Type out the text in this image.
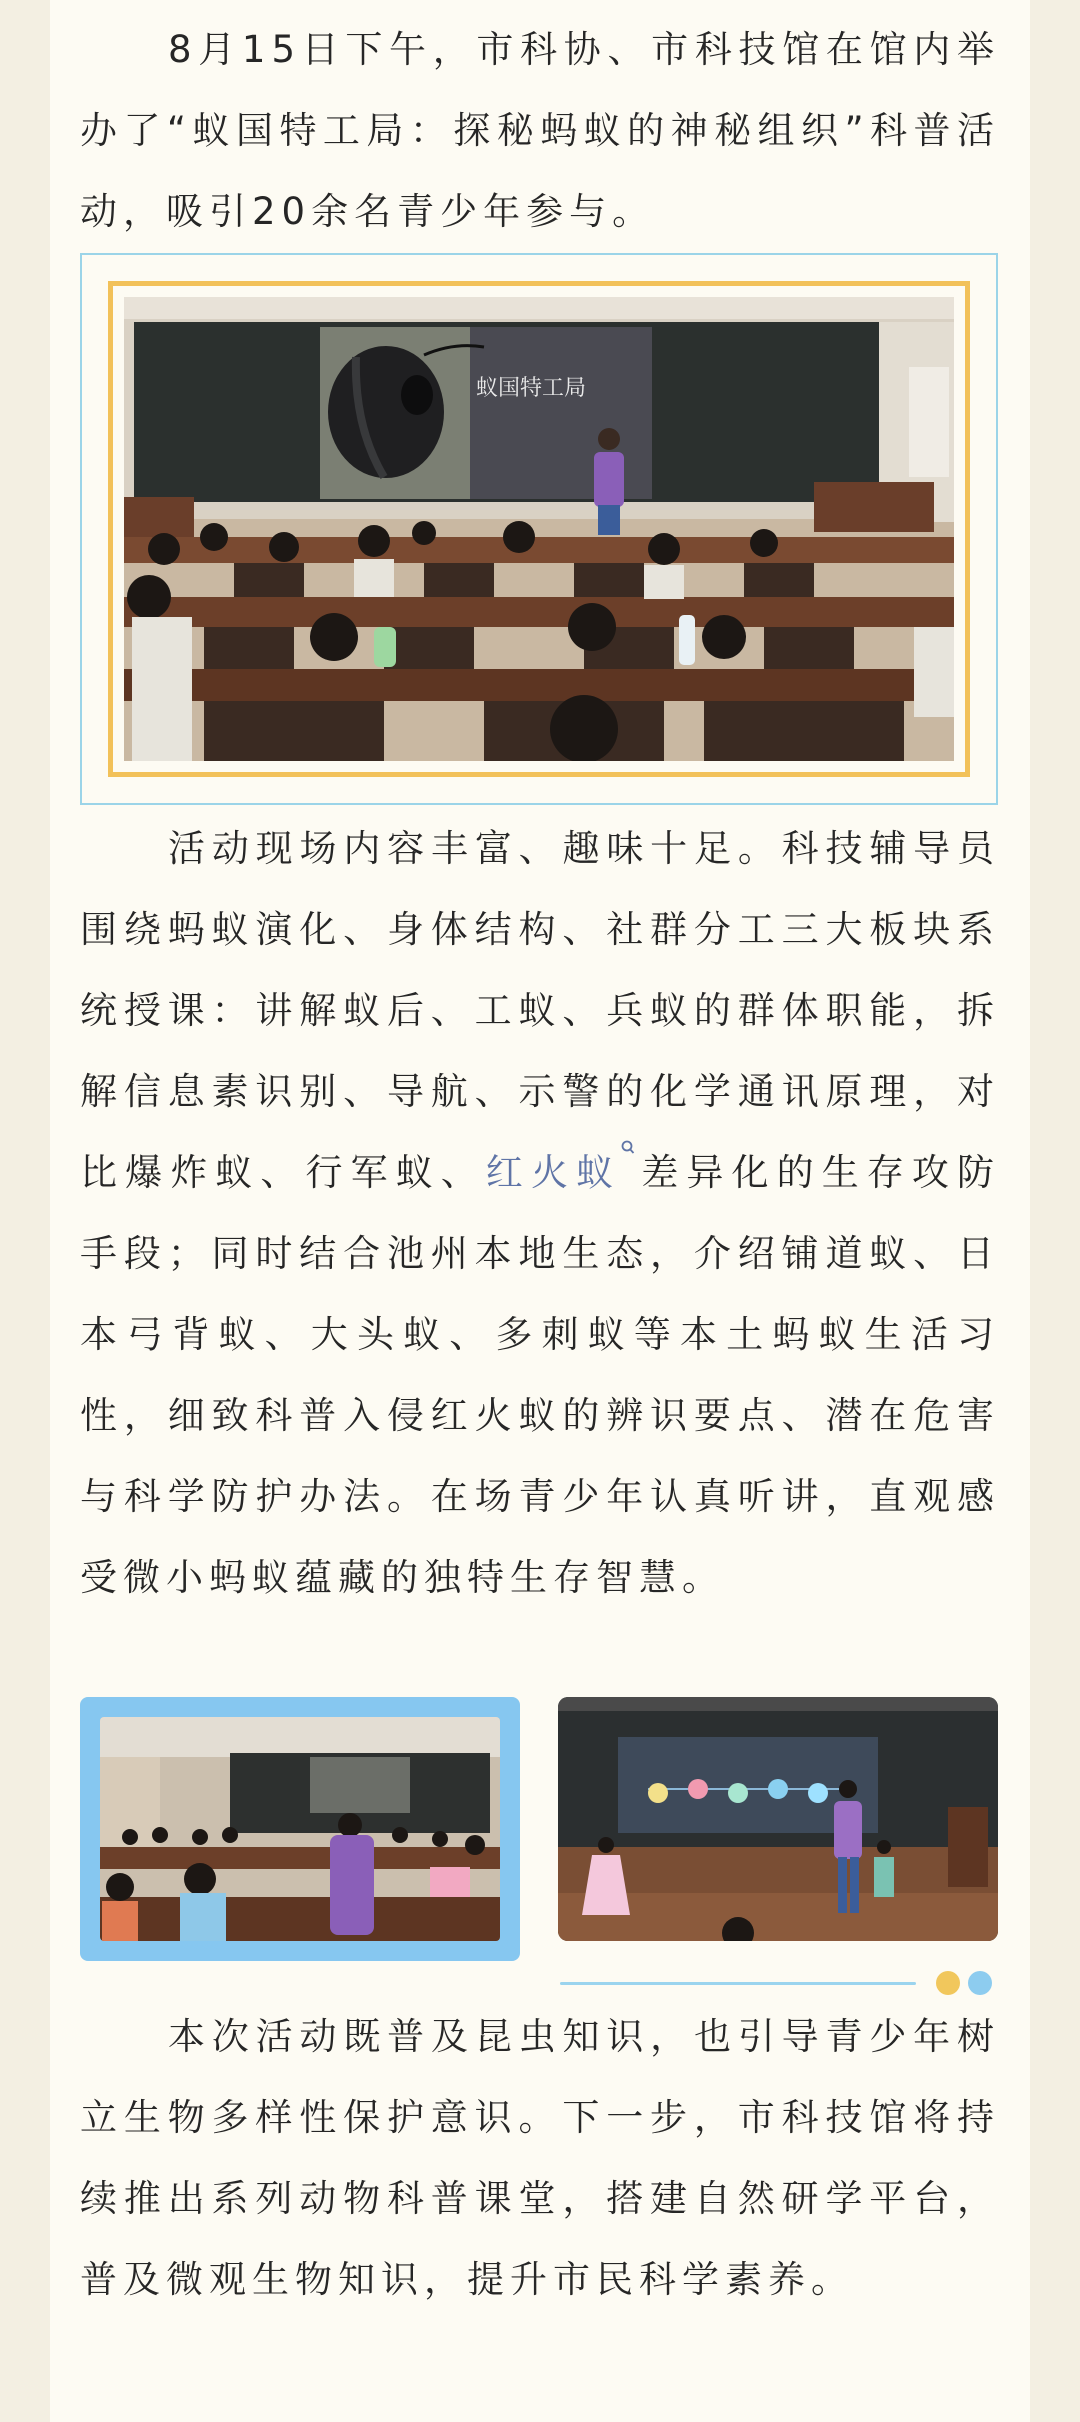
8月15日下午，市科协、市科技馆在馆内举办了“蚁国特工局：探秘蚂蚁的神秘组织”科普活动，吸引20余名青少年参与。

蚁国特工局

活动现场内容丰富、趣味十足。科技辅导员围绕蚂蚁演化、身体结构、社群分工三大板块系统授课：讲解蚁后、工蚁、兵蚁的群体职能，拆解信息素识别、导航、示警的化学通讯原理，对比爆炸蚁、行军蚁、红火蚁 差异化的生存攻防手段；同时结合池州本地生态，介绍铺道蚁、日本弓背蚁、大头蚁、多刺蚁等本土蚂蚁生活习性，细致科普入侵红火蚁的辨识要点、潜在危害与科学防护办法。在场青少年认真听讲，直观感受微小蚂蚁蕴藏的独特生存智慧。

本次活动既普及昆虫知识，也引导青少年树立生物多样性保护意识。下一步，市科技馆将持续推出系列动物科普课堂，搭建自然研学平台，普及微观生物知识，提升市民科学素养。
